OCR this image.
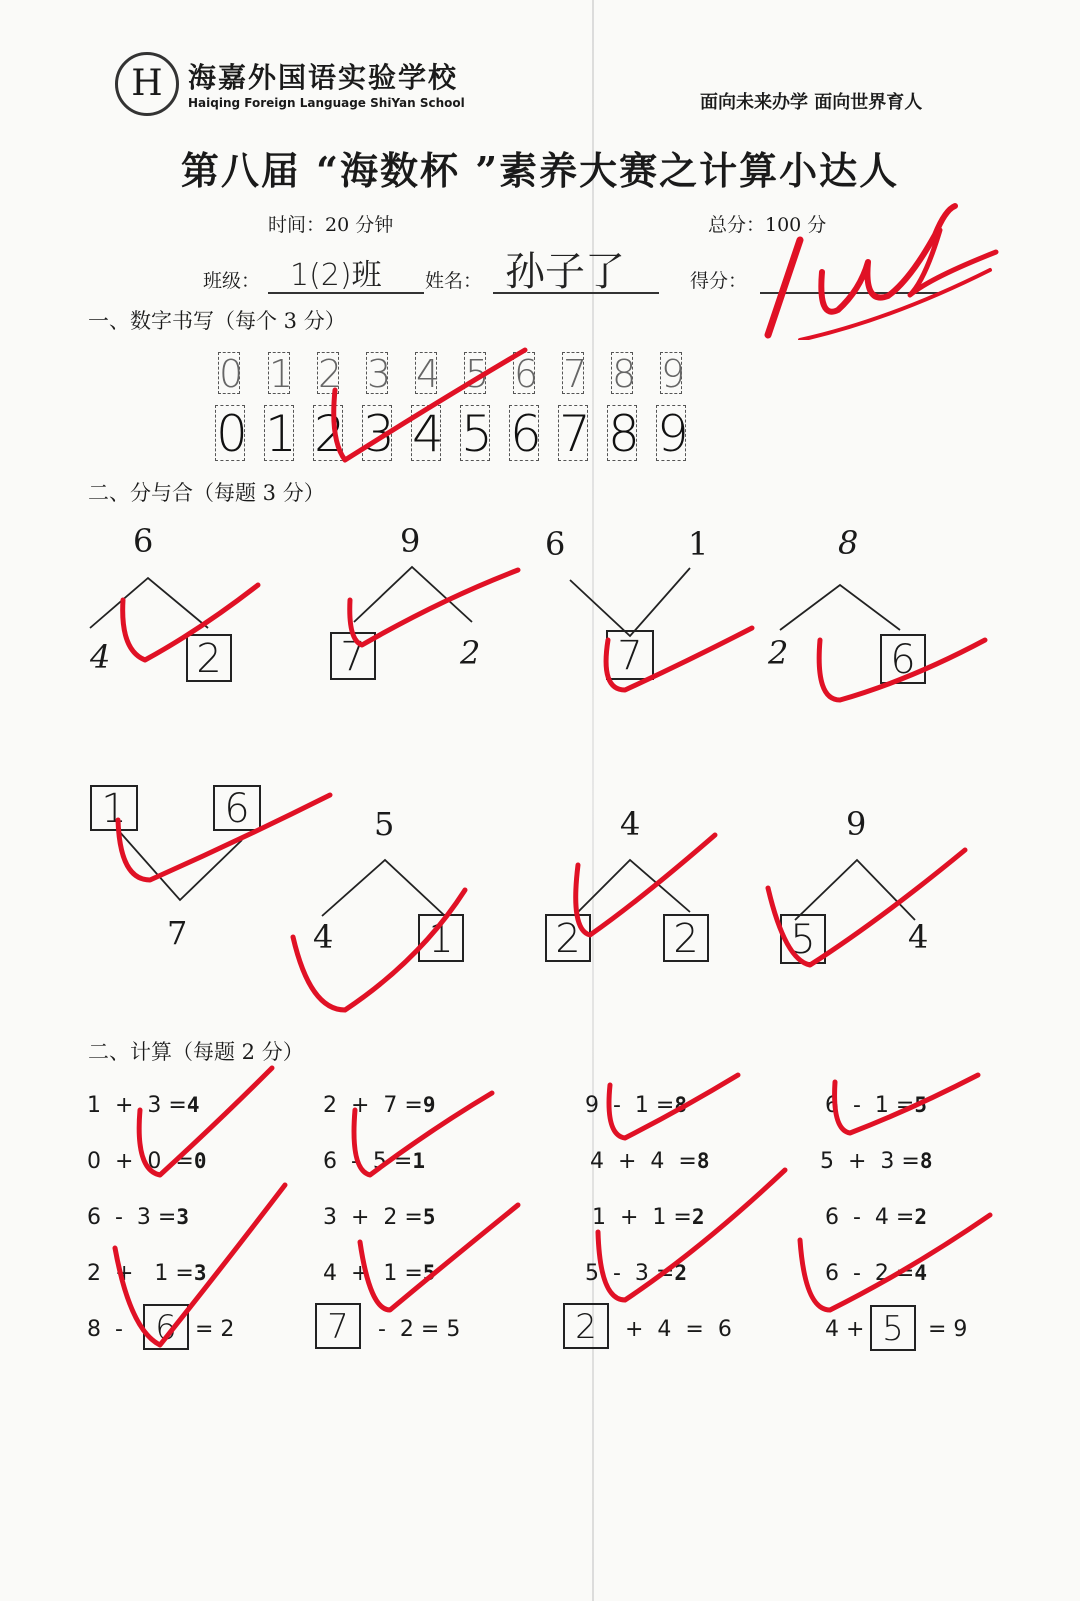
H 海嘉外国语实验学校
Haiqing Foreign Language ShiYan School	面向未来办学 面向世界育人
第八届 “海数杯 ”素养大赛之计算小达人
时间：20 分钟	总分：100 分
班级： 1(2)班 姓名： 孙子了	得分：
一、数字书写（每个 3 分）
0 1 2 3 4 5 6 7 8 9
0 1 2 3 4 5 6 7 8 9
二、分与合（每题 3 分）
6
4 2
9
7	2
6	1
7
8
2	6
1 6
7
5
4 1
4
2 2
9
5	4
二、计算（每题 2 分）
1  +  3 =4
0  +  0  =0
6  -  3 =3
2  +   1 =3
8  - 6 = 2
2  +  7 =9
6  -  5 =1
3  +  2 =5
4  +  1 =5
7	-  2 = 5
9  -  1 =8
4  +  4  =8
1  +  1 =2
5  -  3 =2
2	+  4  =  6
6  -  1 =5
5  +  3 =8
6  -  4 =2
6  -  2 =4
4 + 5	= 9
